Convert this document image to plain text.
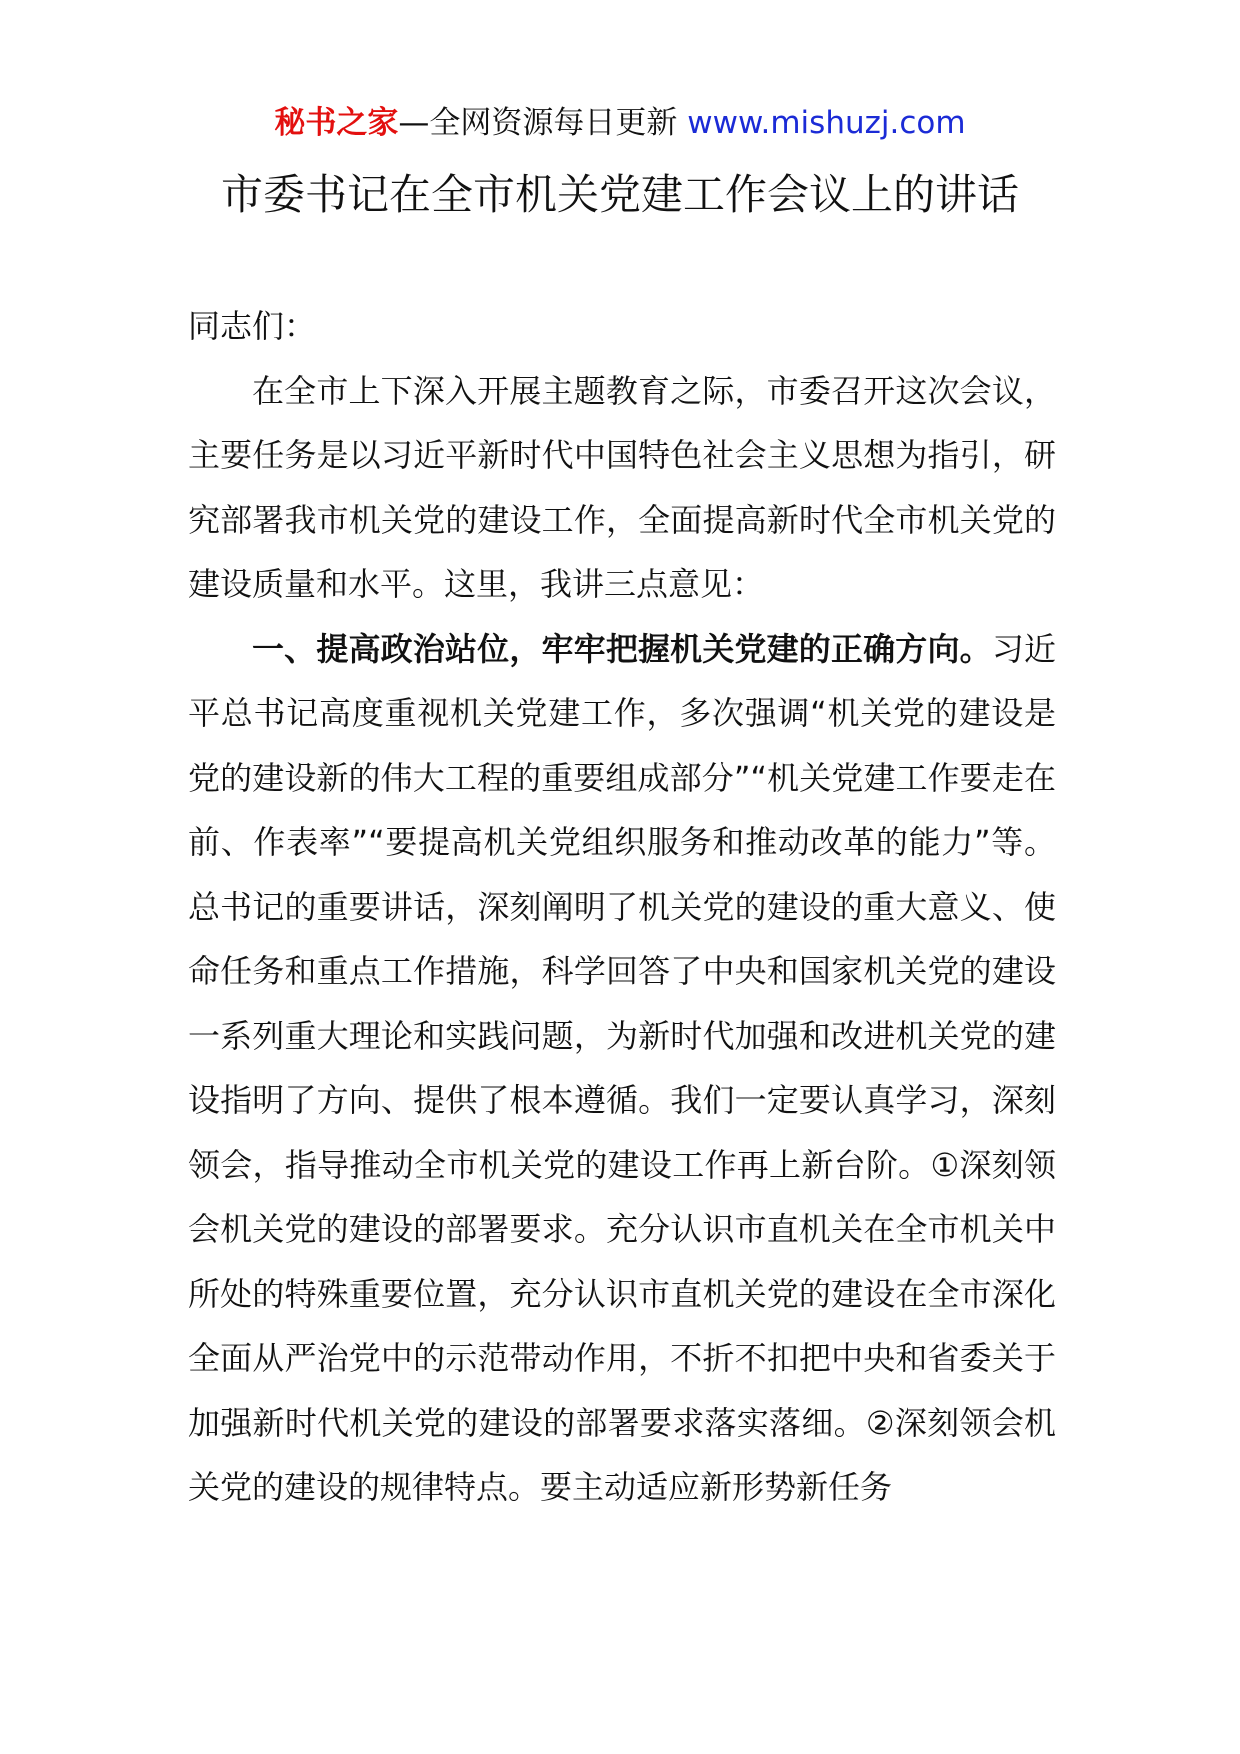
秘书之家—全网资源每日更新 www.mishuzj.com
市委书记在全市机关党建工作会议上的讲话

同志们：

在全市上下深入开展主题教育之际，市委召开这次会议，主要任务是以习近平新时代中国特色社会主义思想为指引，研究部署我市机关党的建设工作，全面提高新时代全市机关党的建设质量和水平。这里，我讲三点意见：

一、提高政治站位，牢牢把握机关党建的正确方向。习近平总书记高度重视机关党建工作，多次强调“机关党的建设是党的建设新的伟大工程的重要组成部分”“机关党建工作要走在前、作表率”“要提高机关党组织服务和推动改革的能力”等。总书记的重要讲话，深刻阐明了机关党的建设的重大意义、使命任务和重点工作措施，科学回答了中央和国家机关党的建设一系列重大理论和实践问题，为新时代加强和改进机关党的建设指明了方向、提供了根本遵循。我们一定要认真学习，深刻领会，指导推动全市机关党的建设工作再上新台阶。①深刻领会机关党的建设的部署要求。充分认识市直机关在全市机关中所处的特殊重要位置，充分认识市直机关党的建设在全市深化全面从严治党中的示范带动作用，不折不扣把中央和省委关于加强新时代机关党的建设的部署要求落实落细。②深刻领会机关党的建设的规律特点。要主动适应新形势新任务
